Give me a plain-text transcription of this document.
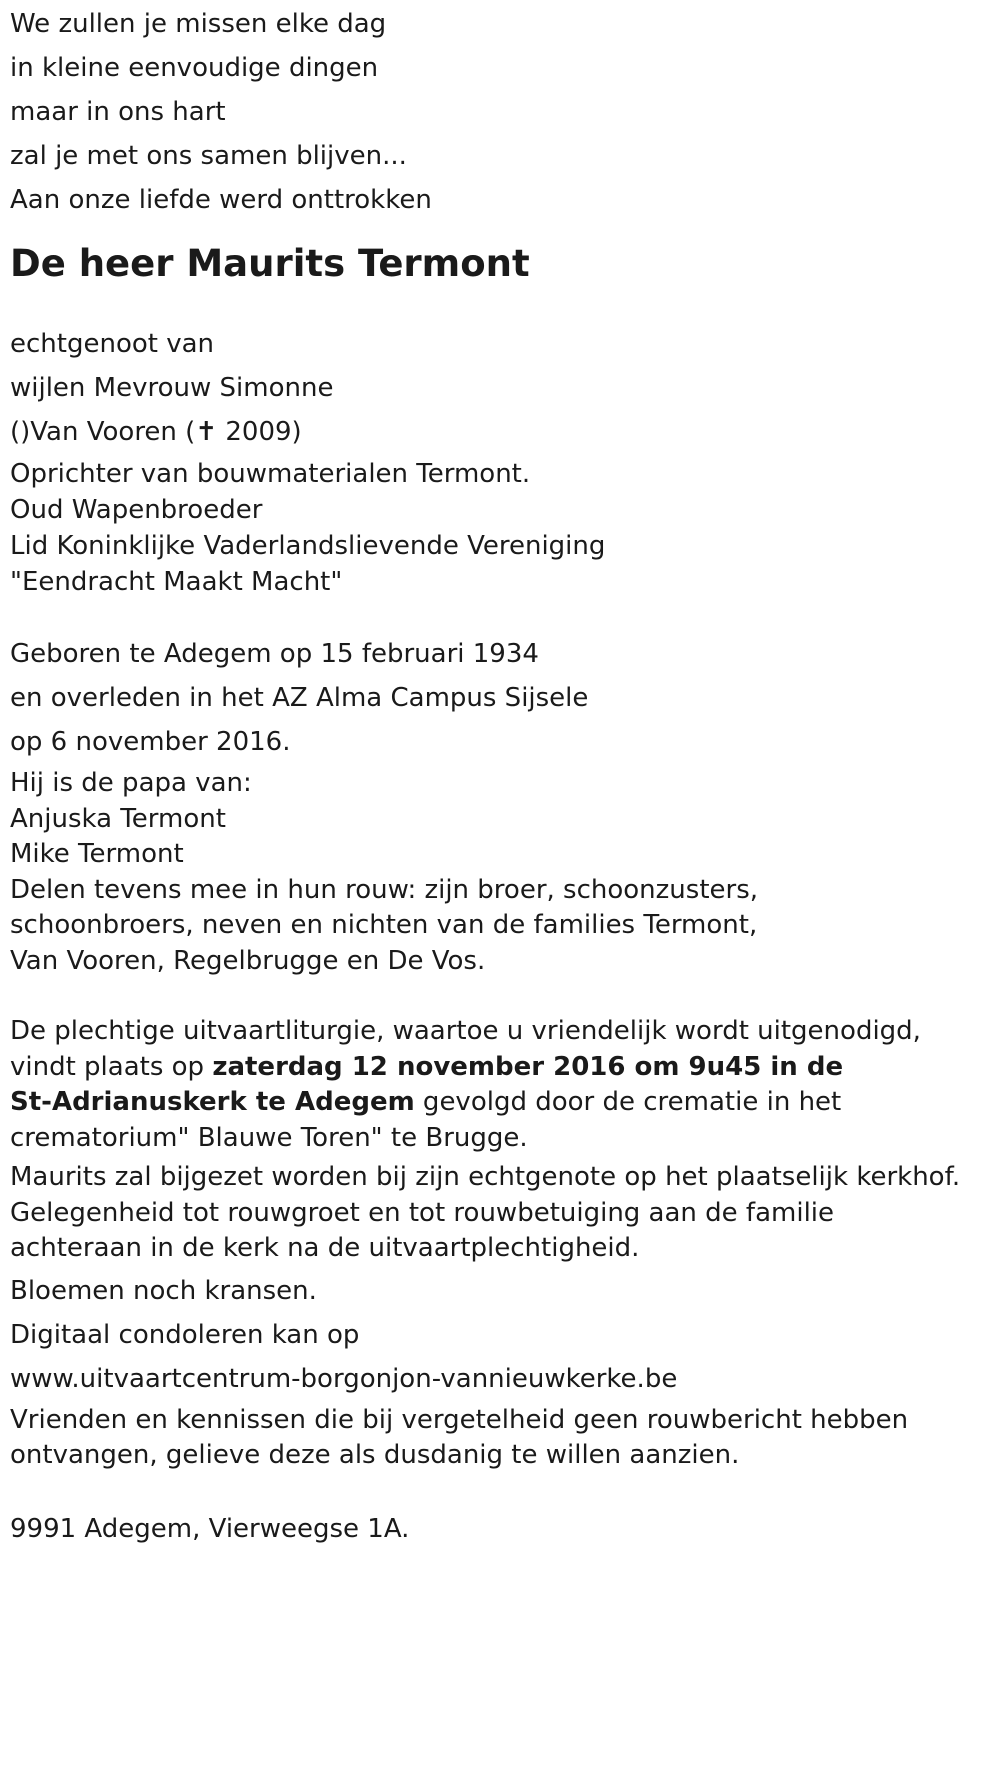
We zullen je missen elke dag

in kleine eenvoudige dingen

maar in ons hart

zal je met ons samen blijven...

Aan onze liefde werd onttrokken

De heer Maurits Termont

echtgenoot van

wijlen Mevrouw Simonne

()Van Vooren (✝ 2009)

Oprichter van bouwmaterialen Termont.

Oud Wapenbroeder

Lid Koninklijke Vaderlandslievende Vereniging

"Eendracht Maakt Macht"

Geboren te Adegem op 15 februari 1934

en overleden in het AZ Alma Campus Sijsele

op 6 november 2016.

Hij is de papa van:

Anjuska Termont

Mike Termont

Delen tevens mee in hun rouw: zijn broer, schoonzusters,

schoonbroers, neven en nichten van de families Termont,

Van Vooren, Regelbrugge en De Vos.

De plechtige uitvaartliturgie, waartoe u vriendelijk wordt uitgenodigd,

vindt plaats op zaterdag 12 november 2016 om 9u45 in de

St-Adrianuskerk te Adegem gevolgd door de crematie in het

crematorium" Blauwe Toren" te Brugge.

Maurits zal bijgezet worden bij zijn echtgenote op het plaatselijk kerkhof.

Gelegenheid tot rouwgroet en tot rouwbetuiging aan de familie

achteraan in de kerk na de uitvaartplechtigheid.

Bloemen noch kransen.

Digitaal condoleren kan op

www.uitvaartcentrum-borgonjon-vannieuwkerke.be

Vrienden en kennissen die bij vergetelheid geen rouwbericht hebben

ontvangen, gelieve deze als dusdanig te willen aanzien.

9991 Adegem, Vierweegse 1A.
